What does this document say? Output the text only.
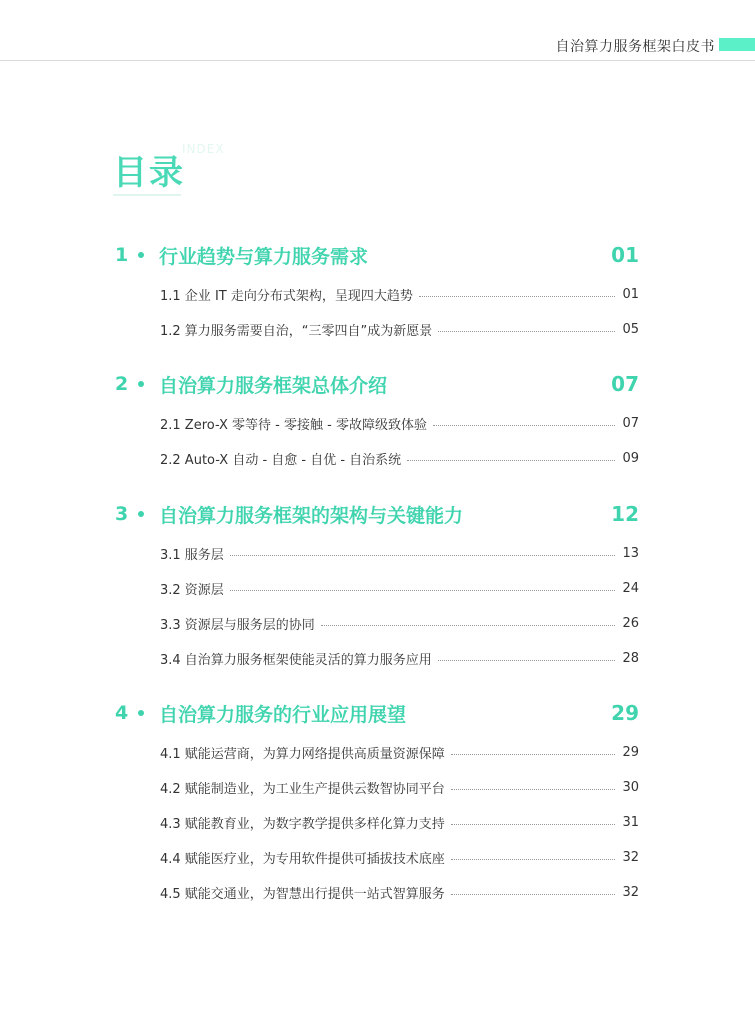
自治算力服务框架白皮书
INDEX
目录
1 行业趋势与算力服务需求	01
1.1 企业 IT 走向分布式架构，呈现四大趋势	01
1.2 算力服务需要自治，“三零四自”成为新愿景	05
2 自治算力服务框架总体介绍	07
2.1 Zero-X 零等待 - 零接触 - 零故障级致体验	07
2.2 Auto-X 自动 - 自愈 - 自优 - 自治系统	09
3 自治算力服务框架的架构与关键能力	12
3.1 服务层	13
3.2 资源层	24
3.3 资源层与服务层的协同	26
3.4 自治算力服务框架使能灵活的算力服务应用	28
4 自治算力服务的行业应用展望	29
4.1 赋能运营商，为算力网络提供高质量资源保障	29
4.2 赋能制造业，为工业生产提供云数智协同平台	30
4.3 赋能教育业，为数字教学提供多样化算力支持	31
4.4 赋能医疗业，为专用软件提供可插拔技术底座	32
4.5 赋能交通业，为智慧出行提供一站式智算服务	32
